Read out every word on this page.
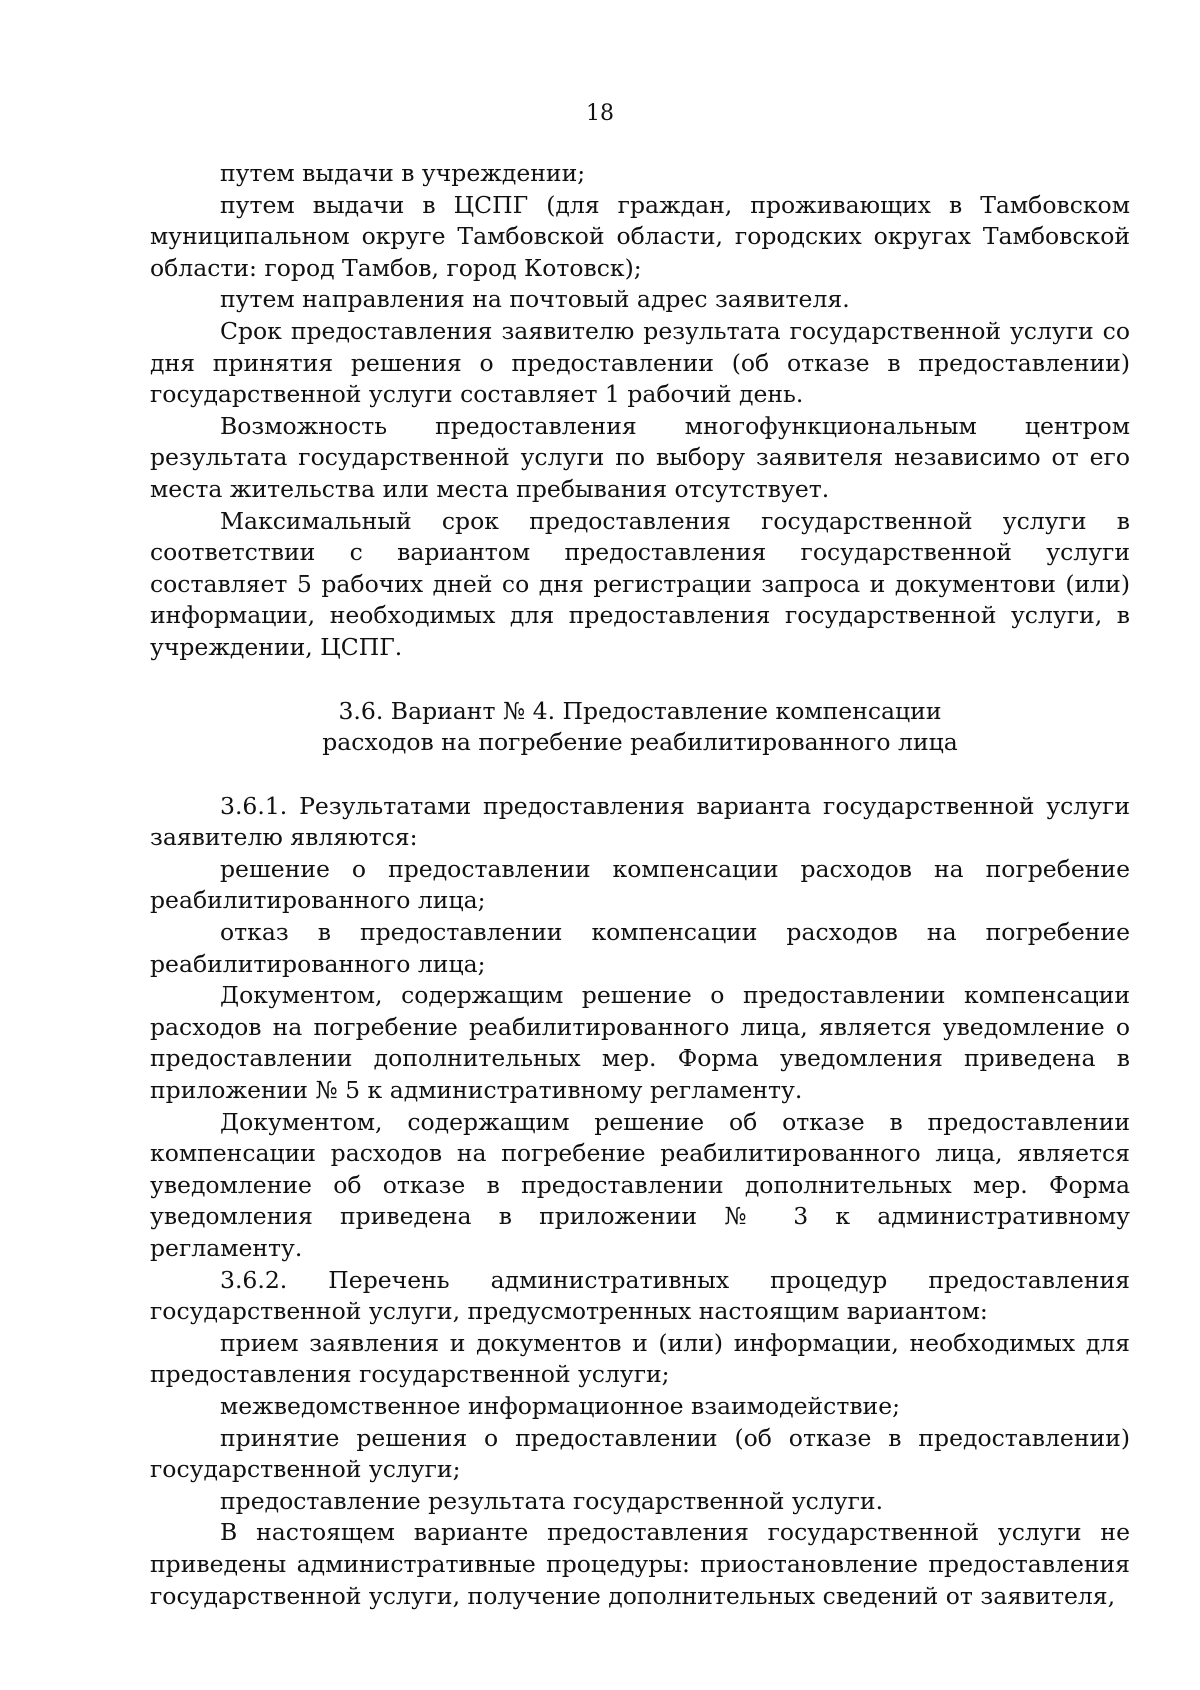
18

путем выдачи в учреждении;

путем выдачи в ЦСПГ (для граждан, проживающих в Тамбовском муниципальном округе Тамбовской области, городских округах Тамбовской области: город Тамбов, город Котовск);

путем направления на почтовый адрес заявителя.

Срок предоставления заявителю результата государственной услуги со дня принятия решения о предоставлении (об отказе в предоставлении) государственной услуги составляет 1 рабочий день.

Возможность предоставления многофункциональным центром результата государственной услуги по выбору заявителя независимо от его места жительства или места пребывания отсутствует.

Максимальный срок предоставления государственной услуги в соответствии с вариантом предоставления государственной услуги составляет 5 рабочих дней со дня регистрации запроса и документови (или) информации, необходимых для предоставления государственной услуги, в учреждении, ЦСПГ.

3.6. Вариант № 4. Предоставление компенсации
расходов на погребение реабилитированного лица

3.6.1. Результатами предоставления варианта государственной услуги заявителю являются:

решение о предоставлении компенсации расходов на погребение реабилитированного лица;

отказ в предоставлении компенсации расходов на погребение реабилитированного лица;

Документом, содержащим решение о предоставлении компенсации расходов на погребение реабилитированного лица, является уведомление о предоставлении дополнительных мер. Форма уведомления приведена в приложении № 5 к административному регламенту.

Документом, содержащим решение об отказе в предоставлении компенсации расходов на погребение реабилитированного лица, является уведомление об отказе в предоставлении дополнительных мер. Форма уведомления приведена в приложении № 3 к административному регламенту.

3.6.2. Перечень административных процедур предоставления государственной услуги, предусмотренных настоящим вариантом:

прием заявления и документов и (или) информации, необходимых для предоставления государственной услуги;

межведомственное информационное взаимодействие;

принятие решения о предоставлении (об отказе в предоставлении) государственной услуги;

предоставление результата государственной услуги.

В настоящем варианте предоставления государственной услуги не приведены административные процедуры: приостановление предоставления государственной услуги, получение дополнительных сведений от заявителя,
